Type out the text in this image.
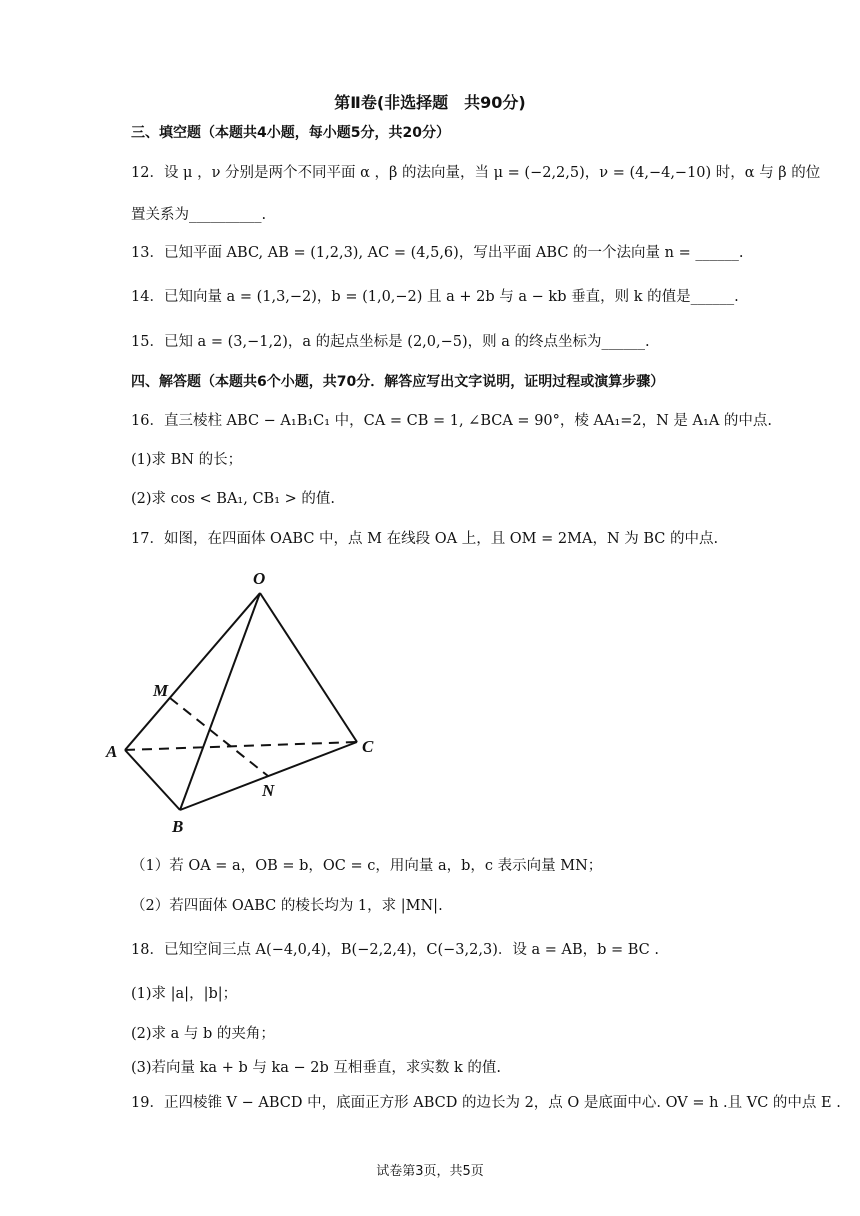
第Ⅱ卷(非选择题　共90分)
三、填空题（本题共4小题，每小题5分，共20分）
12．设 μ ，ν 分别是两个不同平面 α ，β 的法向量，当 μ = (−2,2,5)，ν = (4,−4,−10) 时，α 与 β 的位
置关系为__________.
13．已知平面 ABC, AB = (1,2,3), AC = (4,5,6)，写出平面 ABC 的一个法向量 n = ______.
14．已知向量 a = (1,3,−2)，b = (1,0,−2) 且 a + 2b 与 a − kb 垂直，则 k 的值是______.
15．已知 a = (3,−1,2)，a 的起点坐标是 (2,0,−5)，则 a 的终点坐标为______.
四、解答题（本题共6个小题，共70分．解答应写出文字说明，证明过程或演算步骤）
16．直三棱柱 ABC − A₁B₁C₁ 中，CA = CB = 1, ∠BCA = 90°，棱 AA₁=2，N 是 A₁A 的中点.
(1)求 BN 的长；
(2)求 cos < BA₁, CB₁ > 的值.
17．如图，在四面体 OABC 中，点 M 在线段 OA 上，且 OM = 2MA，N 为 BC 的中点.
O
M
A	C
N
B
（1）若 OA = a，OB = b，OC = c，用向量 a，b，c 表示向量 MN；
（2）若四面体 OABC 的棱长均为 1，求 |MN|.
18．已知空间三点 A(−4,0,4)，B(−2,2,4)，C(−3,2,3)．设 a = AB，b = BC .
(1)求 |a|，|b|；
(2)求 a 与 b 的夹角；
(3)若向量 ka + b 与 ka − 2b 互相垂直，求实数 k 的值.
19．正四棱锥 V − ABCD 中，底面正方形 ABCD 的边长为 2，点 O 是底面中心. OV = h .且 VC 的中点 E .
试卷第3页，共5页
